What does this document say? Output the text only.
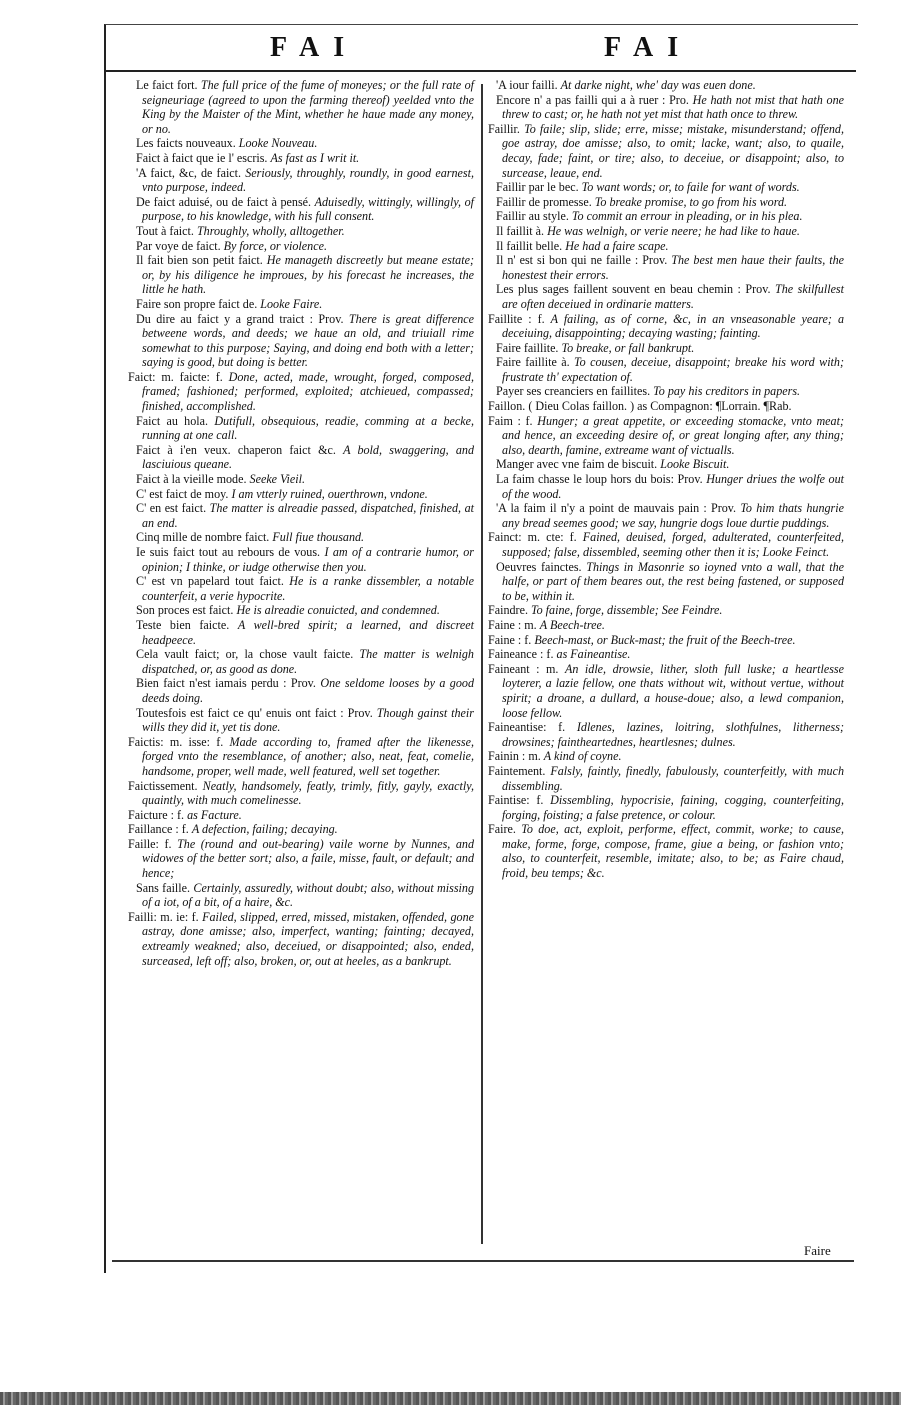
FAI	FAI

Le faict fort. The full price of the fume of moneyes; or the full rate of seigneuriage (agreed to upon the farming thereof) yeelded vnto the King by the Maister of the Mint, whether he haue made any money, or no.

Les faicts nouveaux. Looke Nouveau.

Faict à faict que ie l' escris. As fast as I writ it.

'A faict, &c, de faict. Seriously, throughly, roundly, in good earnest, vnto purpose, indeed.

De faict aduisé, ou de faict à pensé. Aduisedly, wittingly, willingly, of purpose, to his knowledge, with his full consent.

Tout à faict. Throughly, wholly, alltogether.

Par voye de faict. By force, or violence.

Il fait bien son petit faict. He manageth discreetly but meane estate; or, by his diligence he improues, by his forecast he increases, the little he hath.

Faire son propre faict de. Looke Faire.

Du dire au faict y a grand traict : Prov. There is great difference betweene words, and deeds; we haue an old, and triuiall rime somewhat to this purpose; Saying, and doing end both with a letter; saying is good, but doing is better.

Faict: m. faicte: f. Done, acted, made, wrought, forged, composed, framed; fashioned; performed, exploited; atchieued, compassed; finished, accomplished.

Faict au hola. Dutifull, obsequious, readie, comming at a becke, running at one call.

Faict à i'en veux. chaperon faict &c. A bold, swaggering, and lasciuious queane.

Faict à la vieille mode. Seeke Vieil.

C' est faict de moy. I am vtterly ruined, ouerthrown, vndone.

C' en est faict. The matter is alreadie passed, dispatched, finished, at an end.

Cinq mille de nombre faict. Full fiue thousand.

Ie suis faict tout au rebours de vous. I am of a contrarie humor, or opinion; I thinke, or iudge otherwise then you.

C' est vn papelard tout faict. He is a ranke dissembler, a notable counterfeit, a verie hypocrite.

Son proces est faict. He is alreadie conuicted, and condemned.

Teste bien faicte. A well-bred spirit; a learned, and discreet headpeece.

Cela vault faict; or, la chose vault faicte. The matter is welnigh dispatched, or, as good as done.

Bien faict n'est iamais perdu : Prov. One seldome looses by a good deeds doing.

Toutesfois est faict ce qu' enuis ont faict : Prov. Though gainst their wills they did it, yet tis done.

Faictis: m. isse: f. Made according to, framed after the likenesse, forged vnto the resemblance, of another; also, neat, feat, comelie, handsome, proper, well made, well featured, well set together.

Faictissement. Neatly, handsomely, featly, trimly, fitly, gayly, exactly, quaintly, with much comelinesse.

Faicture : f. as Facture.

Faillance : f. A defection, failing; decaying.

Faille: f. The (round and out-bearing) vaile worne by Nunnes, and widowes of the better sort; also, a faile, misse, fault, or default; and hence;

Sans faille. Certainly, assuredly, without doubt; also, without missing of a iot, of a bit, of a haire, &c.

Failli: m. ie: f. Failed, slipped, erred, missed, mistaken, offended, gone astray, done amisse; also, imperfect, wanting; fainting; decayed, extreamly weakned; also, deceiued, or disappointed; also, ended, surceased, left off; also, broken, or, out at heeles, as a bankrupt.

'A iour failli. At darke night, whe' day was euen done.

Encore n' a pas failli qui a à ruer : Pro. He hath not mist that hath one threw to cast; or, he hath not yet mist that hath once to threw.

Faillir. To faile; slip, slide; erre, misse; mistake, misunderstand; offend, goe astray, doe amisse; also, to omit; lacke, want; also, to quaile, decay, fade; faint, or tire; also, to deceiue, or disappoint; also, to surcease, leaue, end.

Faillir par le bec. To want words; or, to faile for want of words.

Faillir de promesse. To breake promise, to go from his word.

Faillir au style. To commit an errour in pleading, or in his plea.

Il faillit à. He was welnigh, or verie neere; he had like to haue.

Il faillit belle. He had a faire scape.

Il n' est si bon qui ne faille : Prov. The best men haue their faults, the honestest their errors.

Les plus sages faillent souvent en beau chemin : Prov. The skilfullest are often deceiued in ordinarie matters.

Faillite : f. A failing, as of corne, &c, in an vnseasonable yeare; a deceiuing, disappointing; decaying wasting; fainting.

Faire faillite. To breake, or fall bankrupt.

Faire faillite à. To cousen, deceiue, disappoint; breake his word with; frustrate th' expectation of.

Payer ses creanciers en faillites. To pay his creditors in papers.

Faillon. ( Dieu Colas faillon. ) as Compagnon: ¶Lorrain. ¶Rab.

Faim : f. Hunger; a great appetite, or exceeding stomacke, vnto meat; and hence, an exceeding desire of, or great longing after, any thing; also, dearth, famine, extreame want of victualls.

Manger avec vne faim de biscuit. Looke Biscuit.

La faim chasse le loup hors du bois: Prov. Hunger driues the wolfe out of the wood.

'A la faim il n'y a point de mauvais pain : Prov. To him thats hungrie any bread seemes good; we say, hungrie dogs loue durtie puddings.

Fainct: m. cte: f. Fained, deuised, forged, adulterated, counterfeited, supposed; false, dissembled, seeming other then it is; Looke Feinct.

Oeuvres fainctes. Things in Masonrie so ioyned vnto a wall, that the halfe, or part of them beares out, the rest being fastened, or supposed to be, within it.

Faindre. To faine, forge, dissemble; See Feindre.

Faine : m. A Beech-tree.

Faine : f. Beech-mast, or Buck-mast; the fruit of the Beech-tree.

Faineance : f. as Faineantise.

Faineant : m. An idle, drowsie, lither, sloth full luske; a heartlesse loyterer, a lazie fellow, one thats without wit, without vertue, without spirit; a droane, a dullard, a house-doue; also, a lewd companion, loose fellow.

Faineantise: f. Idlenes, lazines, loitring, slothfulnes, litherness; drowsines; faintheartednes, heartlesnes; dulnes.

Fainin : m. A kind of coyne.

Faintement. Falsly, faintly, finedly, fabulously, counterfeitly, with much dissembling.

Faintise: f. Dissembling, hypocrisie, faining, cogging, counterfeiting, forging, foisting; a false pretence, or colour.

Faire. To doe, act, exploit, performe, effect, commit, worke; to cause, make, forme, forge, compose, frame, giue a being, or fashion vnto; also, to counterfeit, resemble, imitate; also, to be; as Faire chaud, froid, beu temps; &c.

Faire
